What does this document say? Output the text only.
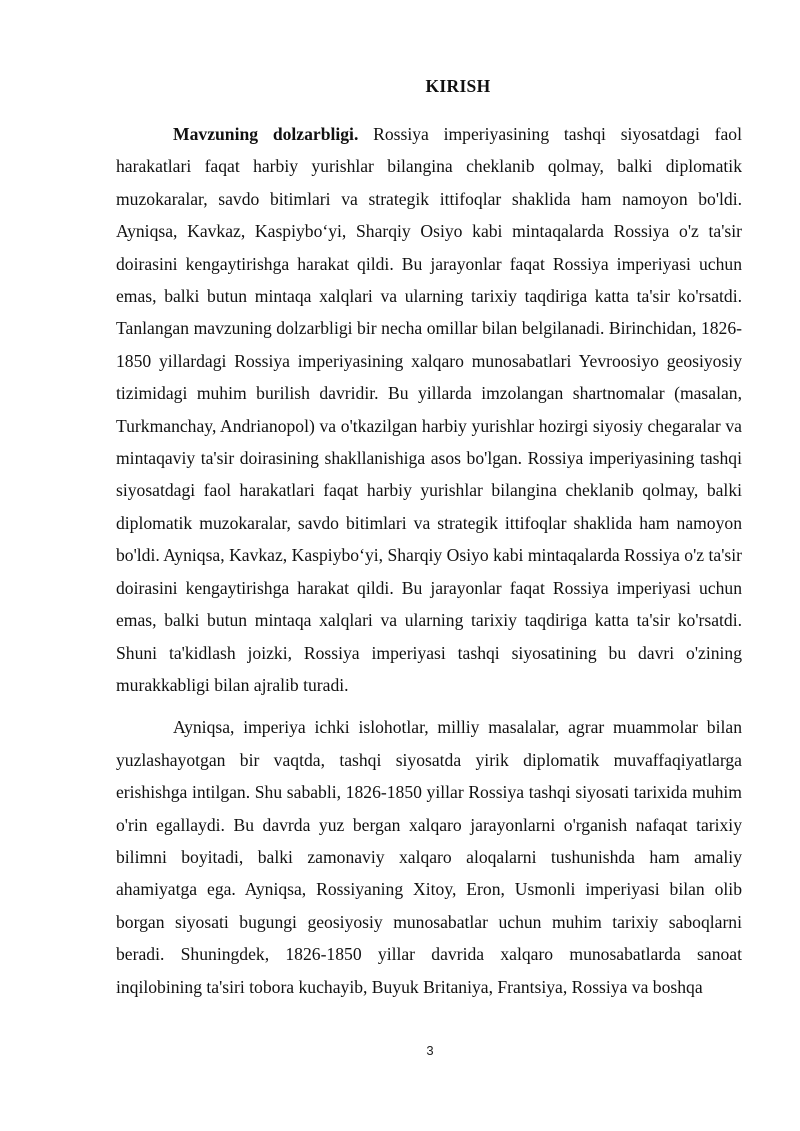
KIRISH

Mavzuning dolzarbligi. Rossiya imperiyasining tashqi siyosatdagi faol harakatlari faqat harbiy yurishlar bilangina cheklanib qolmay, balki diplomatik muzokaralar, savdo bitimlari va strategik ittifoqlar shaklida ham namoyon bo'ldi. Ayniqsa, Kavkaz, Kaspiybo‘yi, Sharqiy Osiyo kabi mintaqalarda Rossiya o'z ta'sir doirasini kengaytirishga harakat qildi. Bu jarayonlar faqat Rossiya imperiyasi uchun emas, balki butun mintaqa xalqlari va ularning tarixiy taqdiriga katta ta'sir ko'rsatdi. Tanlangan mavzuning dolzarbligi bir necha omillar bilan belgilanadi. Birinchidan, 1826-1850 yillardagi Rossiya imperiyasining xalqaro munosabatlari Yevroosiyo geosiyosiy tizimidagi muhim burilish davridir. Bu yillarda imzolangan shartnomalar (masalan, Turkmanchay, Andrianopol) va o'tkazilgan harbiy yurishlar hozirgi siyosiy chegaralar va mintaqaviy ta'sir doirasining shakllanishiga asos bo'lgan. Rossiya imperiyasining tashqi siyosatdagi faol harakatlari faqat harbiy yurishlar bilangina cheklanib qolmay, balki diplomatik muzokaralar, savdo bitimlari va strategik ittifoqlar shaklida ham namoyon bo'ldi. Ayniqsa, Kavkaz, Kaspiybo‘yi, Sharqiy Osiyo kabi mintaqalarda Rossiya o'z ta'sir doirasini kengaytirishga harakat qildi. Bu jarayonlar faqat Rossiya imperiyasi uchun emas, balki butun mintaqa xalqlari va ularning tarixiy taqdiriga katta ta'sir ko'rsatdi. Shuni ta'kidlash joizki, Rossiya imperiyasi tashqi siyosatining bu davri o'zining murakkabligi bilan ajralib turadi.

Ayniqsa, imperiya ichki islohotlar, milliy masalalar, agrar muammolar bilan yuzlashayotgan bir vaqtda, tashqi siyosatda yirik diplomatik muvaffaqiyatlarga erishishga intilgan. Shu sababli, 1826-1850 yillar Rossiya tashqi siyosati tarixida muhim o'rin egallaydi. Bu davrda yuz bergan xalqaro jarayonlarni o'rganish nafaqat tarixiy bilimni boyitadi, balki zamonaviy xalqaro aloqalarni tushunishda ham amaliy ahamiyatga ega. Ayniqsa, Rossiyaning Xitoy, Eron, Usmonli imperiyasi bilan olib borgan siyosati bugungi geosiyosiy munosabatlar uchun muhim tarixiy saboqlarni beradi. Shuningdek, 1826-1850 yillar davrida xalqaro munosabatlarda sanoat inqilobining ta'siri tobora kuchayib, Buyuk Britaniya, Frantsiya, Rossiya va boshqa

3
